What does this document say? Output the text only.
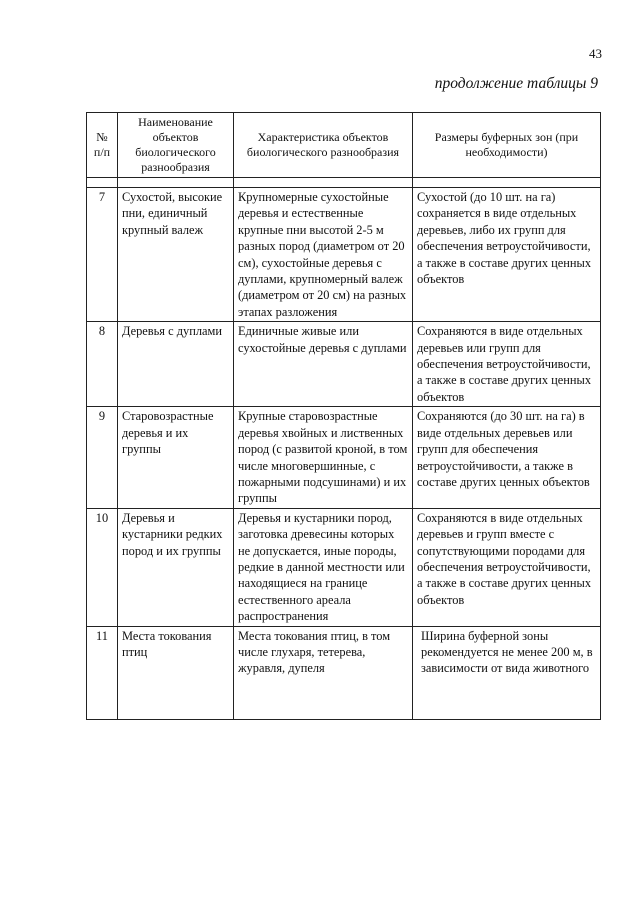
43
продолжение таблицы 9
№ п/п	Наименование объектов биологического разнообразия	Характеристика объектов биологического разнообразия	Размеры буферных зон (при необходимости)

7	Сухостой, высокие пни, единичный крупный валеж	Крупномерные сухостойные деревья и естественные крупные пни высотой 2-5 м разных пород (диаметром от 20 см), сухостойные деревья с дуплами, крупномерный валеж (диаметром от 20 см) на разных этапах разложения	Сухостой (до 10 шт. на га) сохраняется в виде отдельных деревьев, либо их групп для обеспечения ветроустойчивости, а также в составе других ценных объектов
8	Деревья с дуплами	Единичные живые или сухостойные деревья с дуплами	Сохраняются в виде отдельных деревьев или групп для обеспечения ветроустойчивости, а также в составе других ценных объектов
9	Старовозрастные деревья и их группы	Крупные старовозрастные деревья хвойных и лиственных пород (с развитой кроной, в том числе многовершинные, с пожарными подсушинами) и их группы	Сохраняются (до 30 шт. на га) в виде отдельных деревьев или групп для обеспечения ветроустойчивости, а также в составе других ценных объектов
10	Деревья и кустарники редких пород и их группы	Деревья и кустарники пород, заготовка древесины которых не допускается, иные породы, редкие в данной местности или находящиеся на границе естественного ареала распространения	Сохраняются в виде отдельных деревьев и групп вместе с сопутствующими породами для обеспечения ветроустойчивости, а также в составе других ценных объектов
11	Места токования птиц	Места токования птиц, в том числе глухаря, тетерева, журавля, дупеля	Ширина буферной зоны рекомендуется не менее 200 м, в зависимости от вида животного
